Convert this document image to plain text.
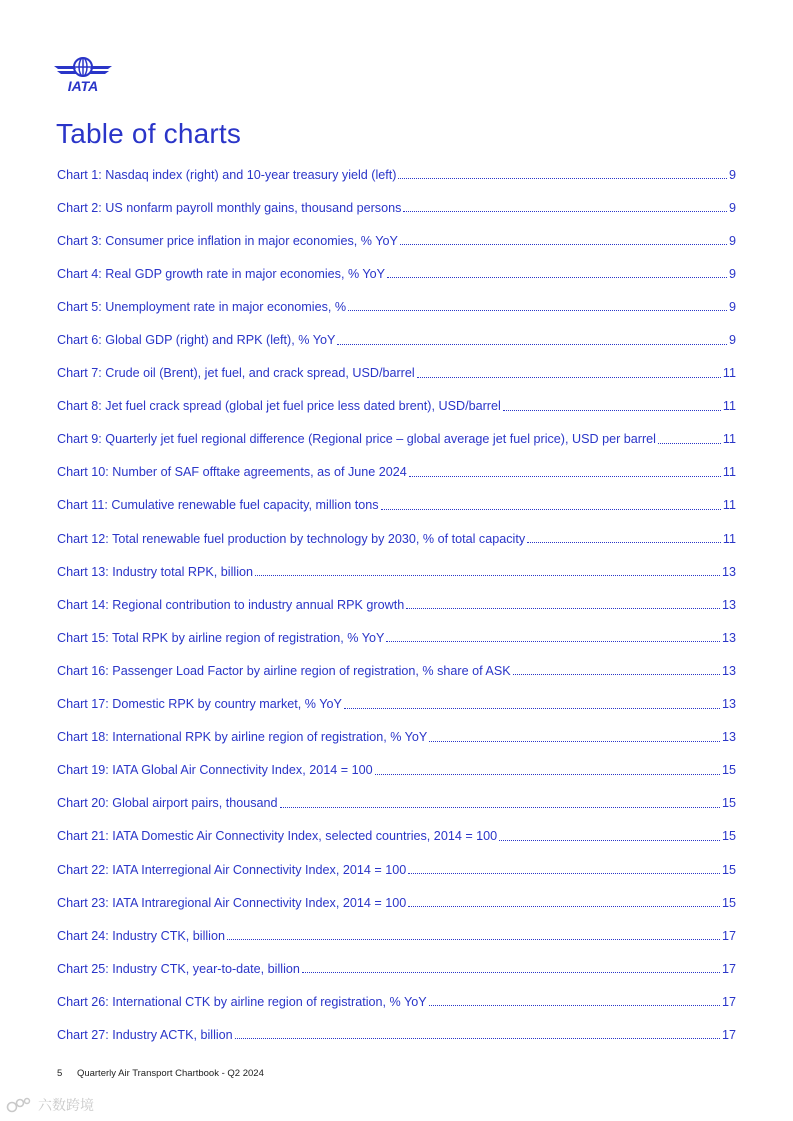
IATA
Table of charts
Chart 1: Nasdaq index (right) and 10-year treasury yield (left)	9
Chart 2: US nonfarm payroll monthly gains, thousand persons	9
Chart 3: Consumer price inflation in major economies, % YoY	9
Chart 4: Real GDP growth rate in major economies, % YoY	9
Chart 5: Unemployment rate in major economies, %	9
Chart 6: Global GDP (right) and RPK (left), % YoY	9
Chart 7: Crude oil (Brent), jet fuel, and crack spread, USD/barrel	11
Chart 8: Jet fuel crack spread (global jet fuel price less dated brent), USD/barrel	11
Chart 9: Quarterly jet fuel regional difference (Regional price – global average jet fuel price), USD per barrel	11
Chart 10: Number of SAF offtake agreements, as of June 2024	11
Chart 11: Cumulative renewable fuel capacity, million tons	11
Chart 12: Total renewable fuel production by technology by 2030, % of total capacity	11
Chart 13: Industry total RPK, billion	13
Chart 14: Regional contribution to industry annual RPK growth	13
Chart 15: Total RPK by airline region of registration, % YoY	13
Chart 16: Passenger Load Factor by airline region of registration, % share of ASK	13
Chart 17: Domestic RPK by country market, % YoY	13
Chart 18: International RPK by airline region of registration, % YoY	13
Chart 19: IATA Global Air Connectivity Index, 2014 = 100	15
Chart 20: Global airport pairs, thousand	15
Chart 21: IATA Domestic Air Connectivity Index, selected countries, 2014 = 100	15
Chart 22: IATA Interregional Air Connectivity Index, 2014 = 100	15
Chart 23: IATA Intraregional Air Connectivity Index, 2014 = 100	15
Chart 24: Industry CTK, billion	17
Chart 25: Industry CTK, year-to-date, billion	17
Chart 26: International CTK by airline region of registration, % YoY	17
Chart 27: Industry ACTK, billion	17
5 Quarterly Air Transport Chartbook - Q2 2024
六数跨境
